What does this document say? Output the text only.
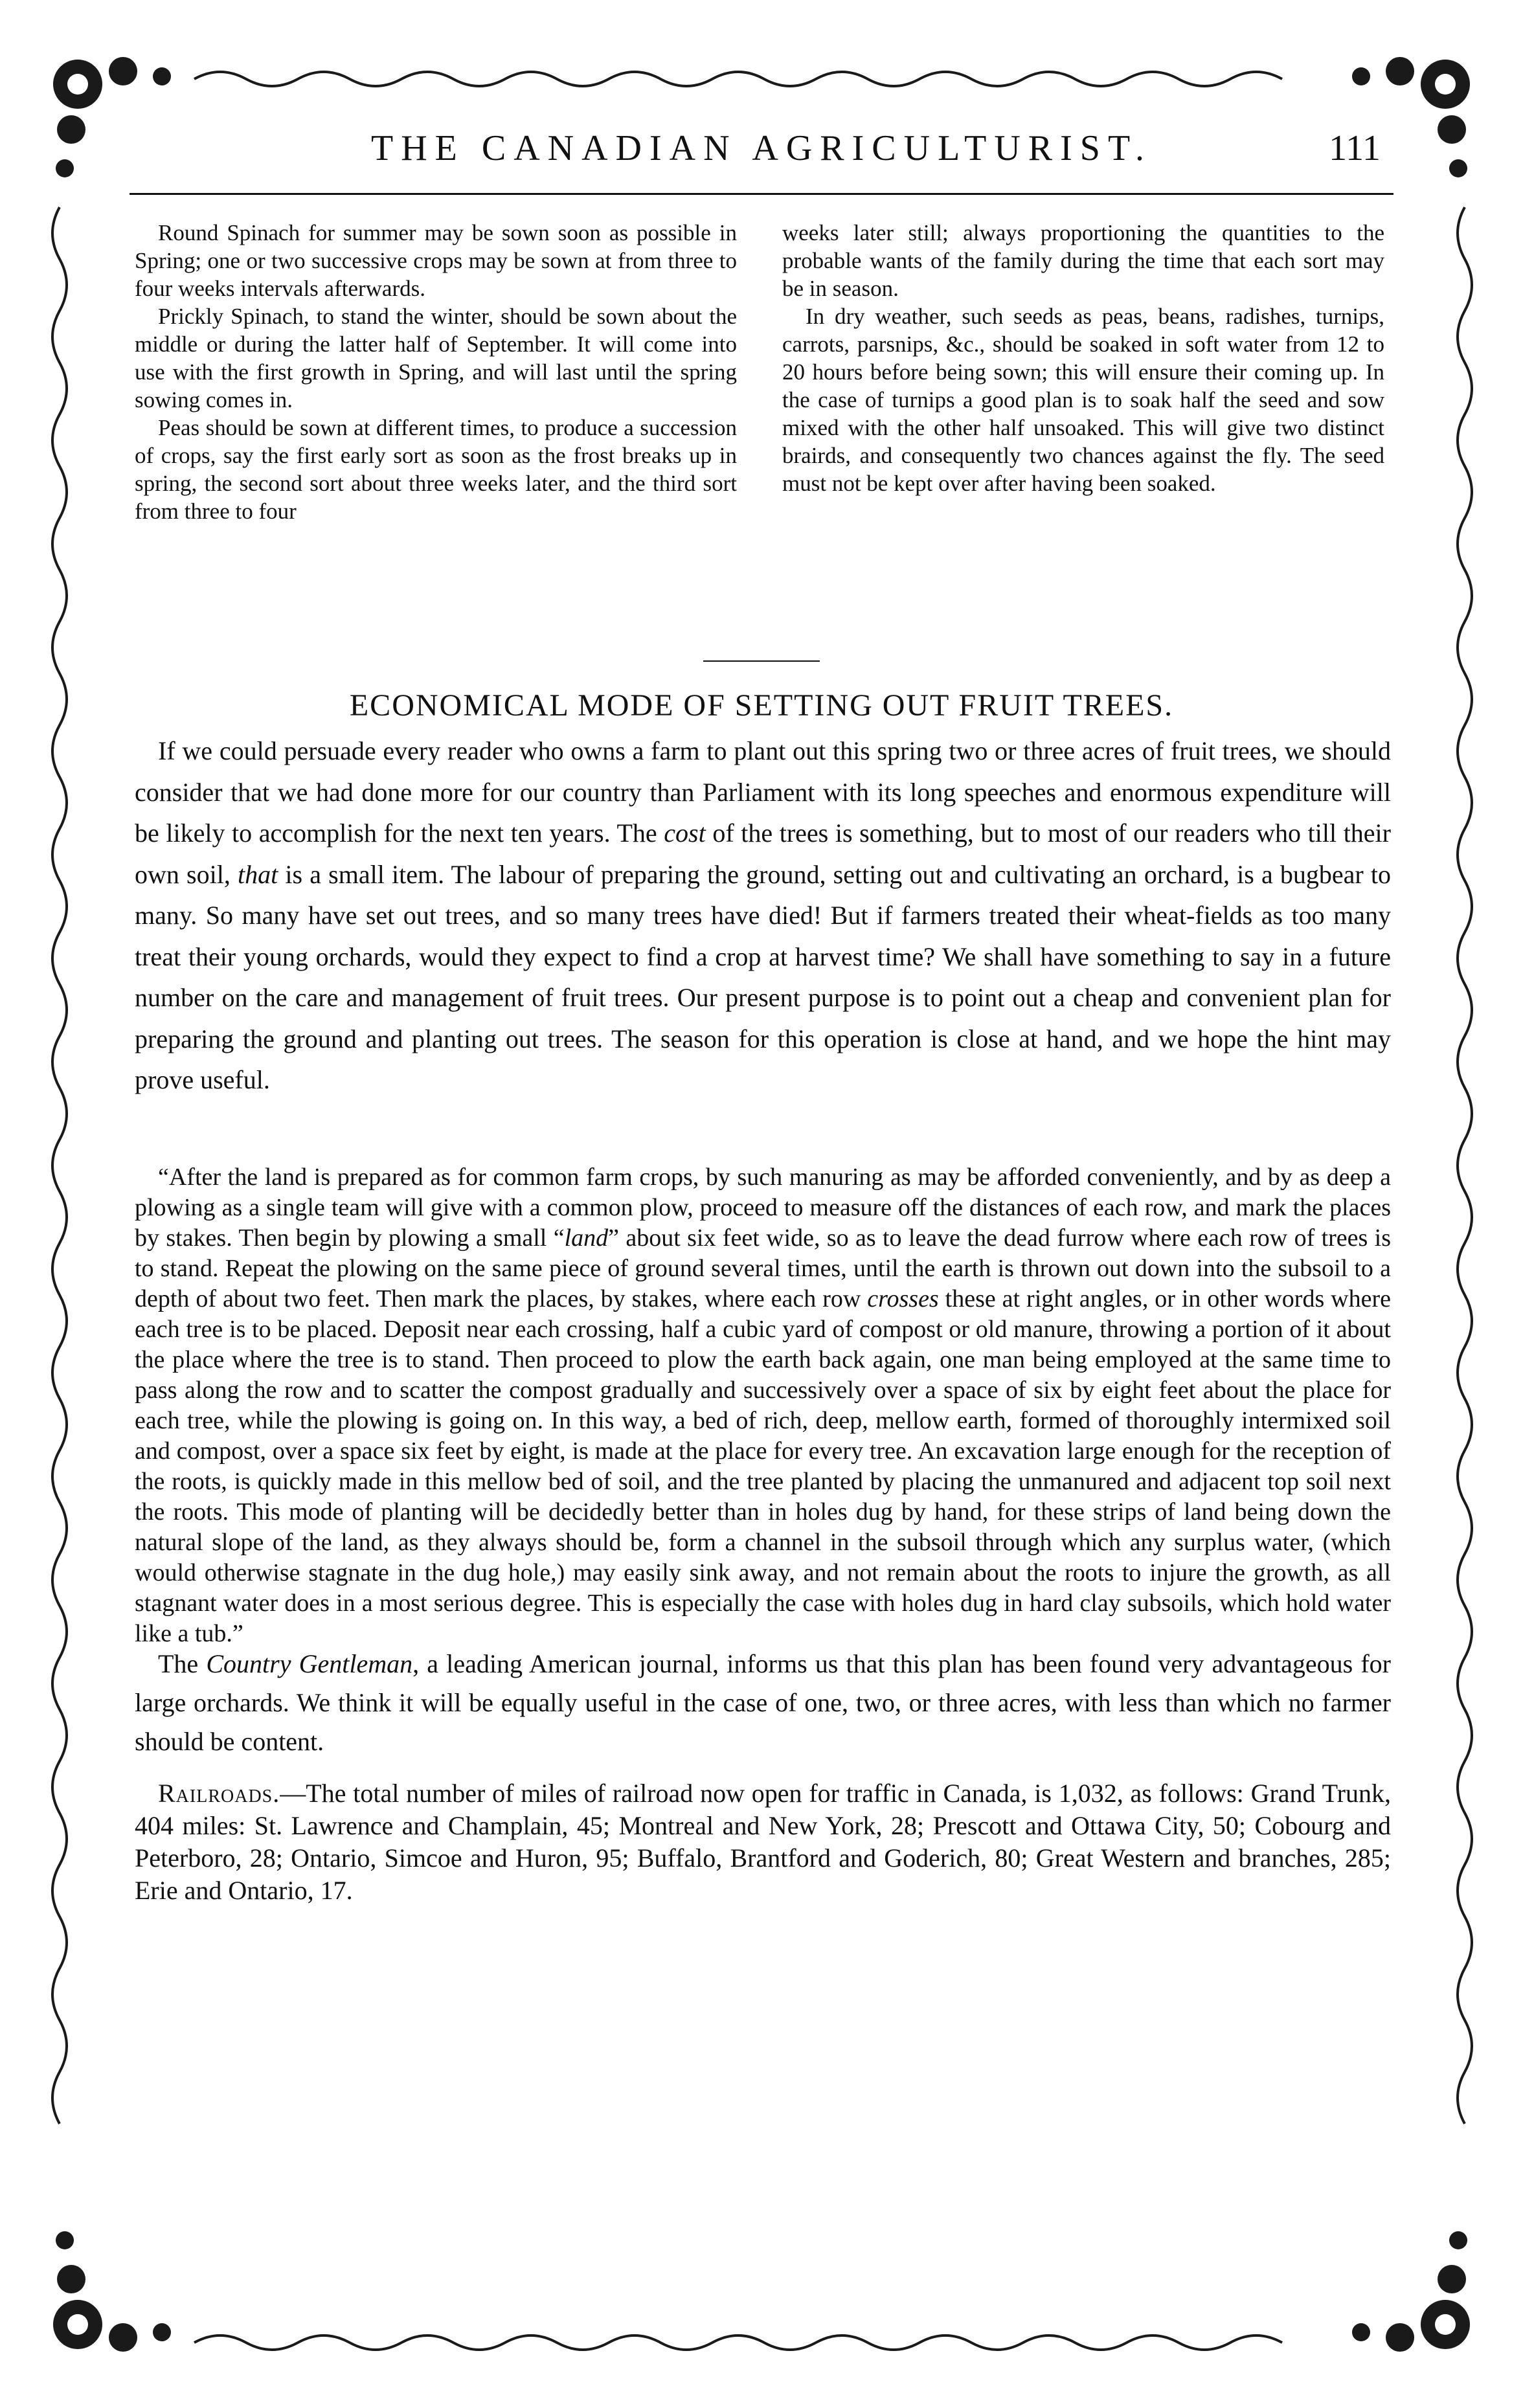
THE CANADIAN AGRICULTURIST.	111

Round Spinach for summer may be sown soon as possible in Spring; one or two successive crops may be sown at from three to four weeks intervals afterwards.

Prickly Spinach, to stand the winter, should be sown about the middle or during the latter half of September. It will come into use with the first growth in Spring, and will last until the spring sowing comes in.

Peas should be sown at different times, to produce a succession of crops, say the first early sort as soon as the frost breaks up in spring, the second sort about three weeks later, and the third sort from three to four

weeks later still; always proportioning the quantities to the probable wants of the family during the time that each sort may be in season.

In dry weather, such seeds as peas, beans, radishes, turnips, carrots, parsnips, &c., should be soaked in soft water from 12 to 20 hours before being sown; this will ensure their coming up. In the case of turnips a good plan is to soak half the seed and sow mixed with the other half unsoaked. This will give two distinct brairds, and consequently two chances against the fly. The seed must not be kept over after having been soaked.

ECONOMICAL MODE OF SETTING OUT FRUIT TREES.

If we could persuade every reader who owns a farm to plant out this spring two or three acres of fruit trees, we should consider that we had done more for our country than Parliament with its long speeches and enormous expenditure will be likely to accomplish for the next ten years. The cost of the trees is something, but to most of our readers who till their own soil, that is a small item. The labour of preparing the ground, setting out and cultivating an orchard, is a bugbear to many. So many have set out trees, and so many trees have died! But if farmers treated their wheat-fields as too many treat their young orchards, would they expect to find a crop at harvest time? We shall have something to say in a future number on the care and management of fruit trees. Our present purpose is to point out a cheap and convenient plan for preparing the ground and planting out trees. The season for this operation is close at hand, and we hope the hint may prove useful.

“After the land is prepared as for common farm crops, by such manuring as may be afforded conveniently, and by as deep a plowing as a single team will give with a common plow, proceed to measure off the distances of each row, and mark the places by stakes. Then begin by plowing a small “land” about six feet wide, so as to leave the dead furrow where each row of trees is to stand. Repeat the plowing on the same piece of ground several times, until the earth is thrown out down into the subsoil to a depth of about two feet. Then mark the places, by stakes, where each row crosses these at right angles, or in other words where each tree is to be placed. Deposit near each crossing, half a cubic yard of compost or old manure, throwing a portion of it about the place where the tree is to stand. Then proceed to plow the earth back again, one man being employed at the same time to pass along the row and to scatter the compost gradually and successively over a space of six by eight feet about the place for each tree, while the plowing is going on. In this way, a bed of rich, deep, mellow earth, formed of thoroughly intermixed soil and compost, over a space six feet by eight, is made at the place for every tree. An excavation large enough for the reception of the roots, is quickly made in this mellow bed of soil, and the tree planted by placing the unmanured and adjacent top soil next the roots. This mode of planting will be decidedly better than in holes dug by hand, for these strips of land being down the natural slope of the land, as they always should be, form a channel in the subsoil through which any surplus water, (which would otherwise stagnate in the dug hole,) may easily sink away, and not remain about the roots to injure the growth, as all stagnant water does in a most serious degree. This is especially the case with holes dug in hard clay subsoils, which hold water like a tub.”

The Country Gentleman, a leading American journal, informs us that this plan has been found very advantageous for large orchards. We think it will be equally useful in the case of one, two, or three acres, with less than which no farmer should be content.

Railroads.—The total number of miles of railroad now open for traffic in Canada, is 1,032, as follows: Grand Trunk, 404 miles: St. Lawrence and Champlain, 45; Montreal and New York, 28; Prescott and Ottawa City, 50; Cobourg and Peterboro, 28; Ontario, Simcoe and Huron, 95; Buffalo, Brantford and Goderich, 80; Great Western and branches, 285; Erie and Ontario, 17.
